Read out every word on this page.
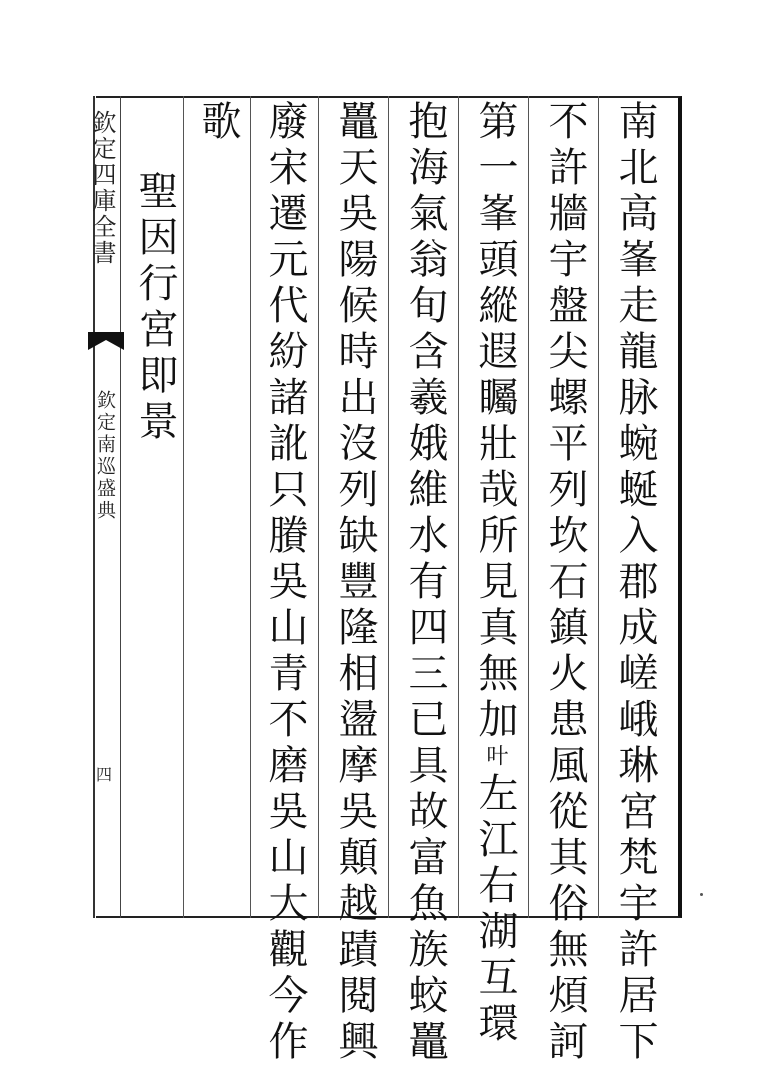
欽定四庫全書
欽定南巡盛典
四	南北高峯走龍脉蜿蜒入郡成嵯峨琳宮梵宇許居下
不許牆宇盤尖螺平列坎石鎮火患風從其俗無煩訶
第一峯頭縱遐矚壯哉所見真無加叶左江右湖互環
抱海氣翁旬含羲娥維水有四三已具故富魚族蛟鼉
鼉天吳陽候時出沒列缺豐隆相盪摩吳顛越蹟閱興
廢宋遷元代紛諸訛只賸吳山青不磨吳山大觀今作
歌
聖因行宮即景
